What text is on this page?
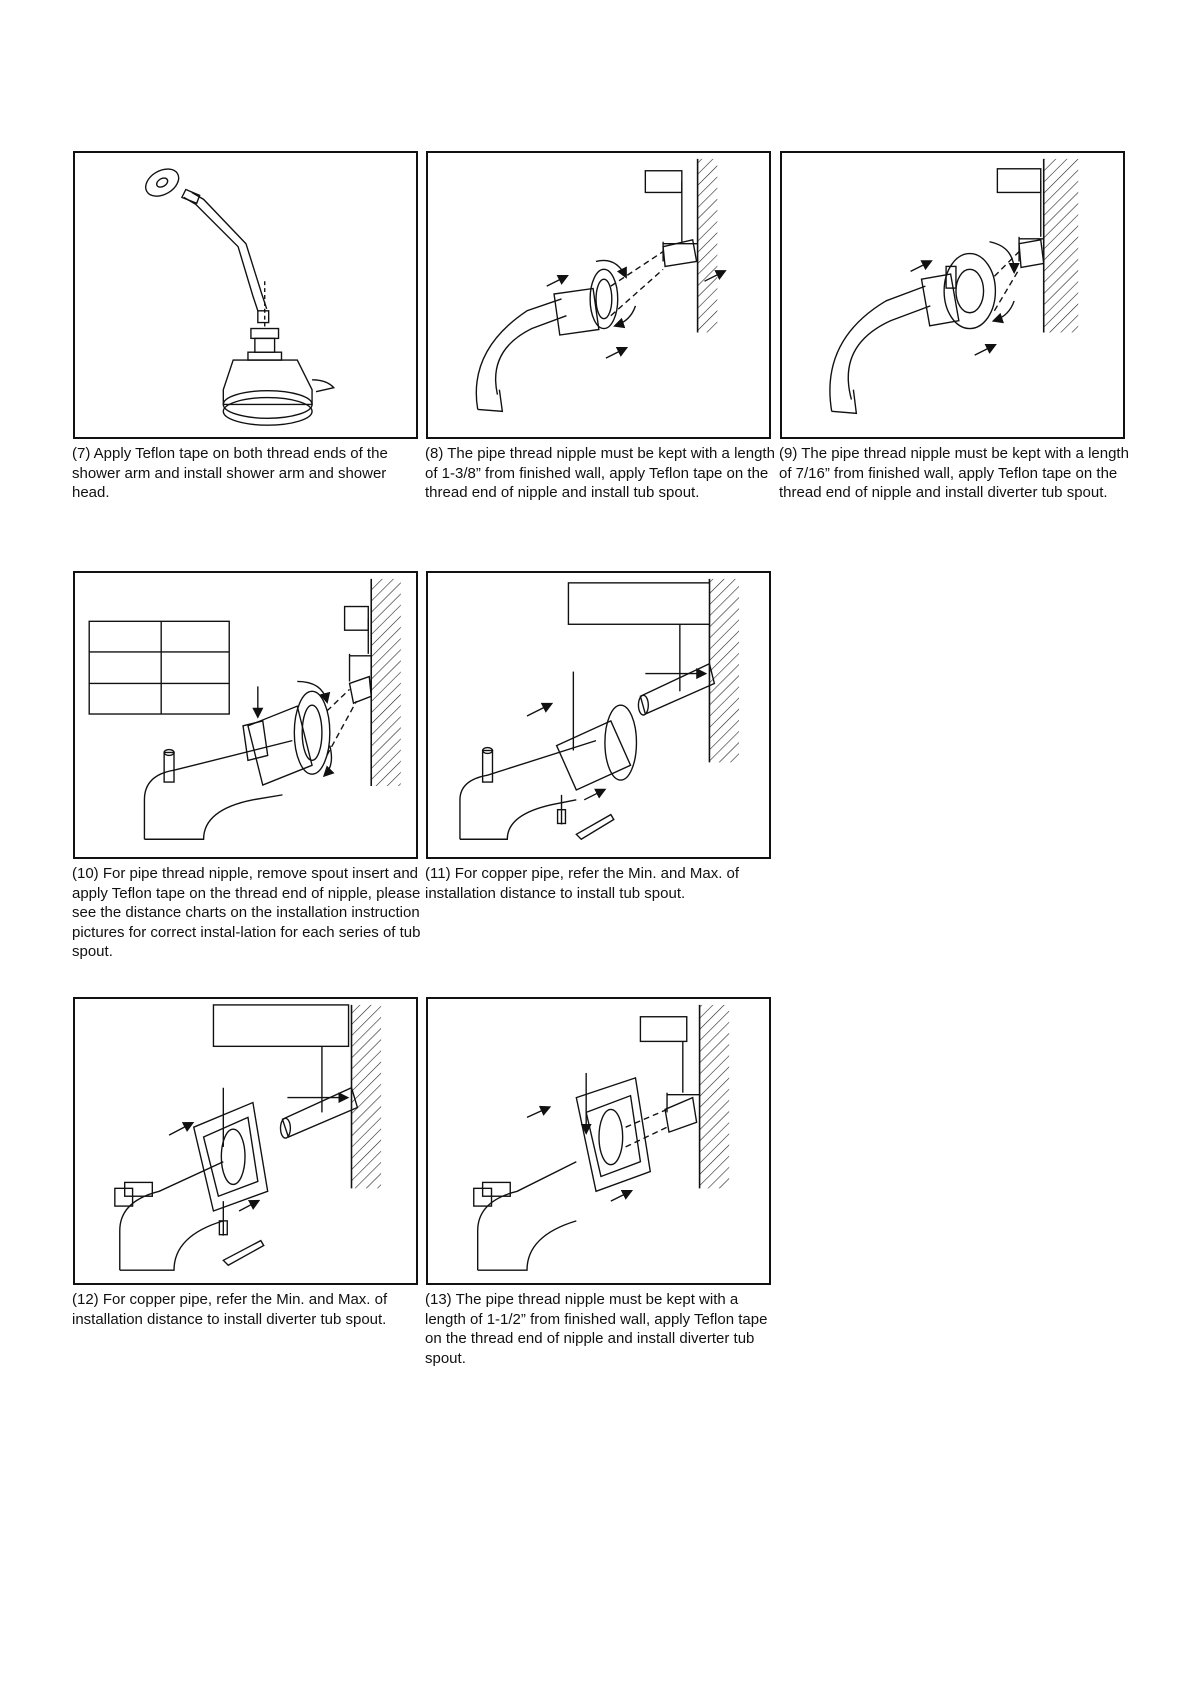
(7) Apply Teflon tape on both thread ends of the shower arm and install shower arm and shower head.
(8) The pipe thread nipple must be kept with a length of 1-3/8” from finished wall, apply Teflon tape on the thread end of nipple and install tub spout.
(9) The pipe thread nipple must be kept with a length of 7/16” from finished wall, apply Teflon tape on the thread end of nipple and install diverter tub spout.
(10) For pipe thread nipple, remove spout insert and apply Teflon tape on the thread end of nipple, please see the distance charts on the installation instruction pictures for correct instal-lation for each series of tub spout.
(11) For copper pipe, refer the Min. and Max. of installation distance to install tub spout.
(12) For copper pipe, refer the Min. and Max. of installation distance to install diverter tub spout.
(13) The pipe thread nipple must be kept with a length of 1-1/2” from finished wall, apply Teflon tape on the thread end of nipple and install diverter tub spout.
